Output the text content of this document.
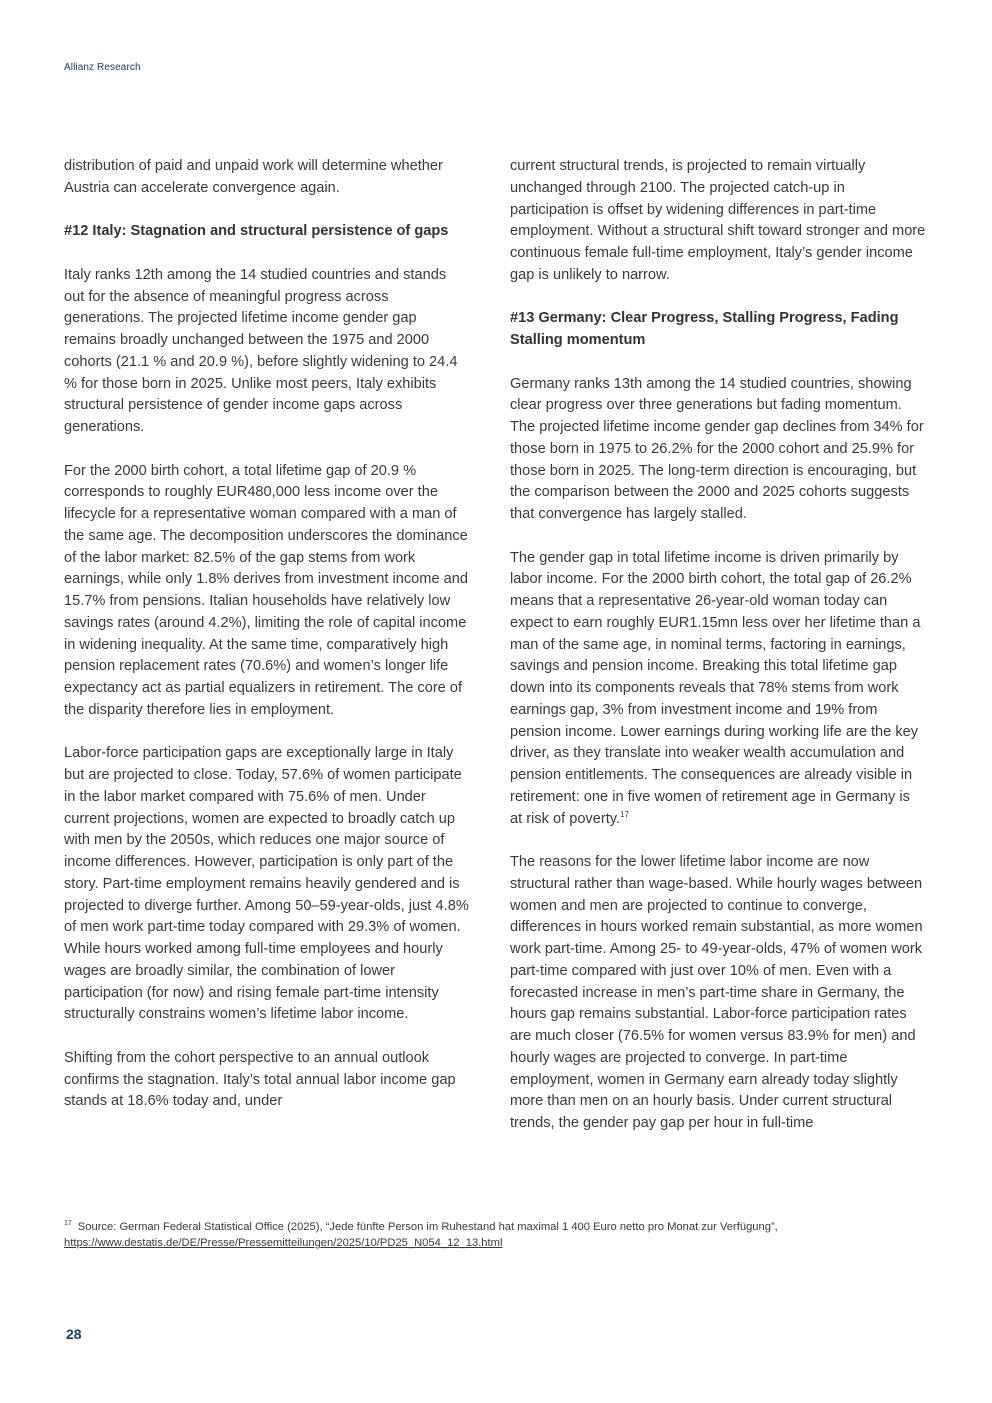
Allianz Research

distribution of paid and unpaid work will determine whether Austria can accelerate convergence again.

#12 Italy: Stagnation and structural persistence of gaps

Italy ranks 12th among the 14 studied countries and stands out for the absence of meaningful progress across generations. The projected lifetime income gender gap remains broadly unchanged between the 1975 and 2000 cohorts (21.1 % and 20.9 %), before slightly widening to 24.4 % for those born in 2025. Unlike most peers, Italy exhibits structural persistence of gender income gaps across generations.

For the 2000 birth cohort, a total lifetime gap of 20.9 % corresponds to roughly EUR480,000 less income over the lifecycle for a representative woman compared with a man of the same age. The decomposition underscores the dominance of the labor market: 82.5% of the gap stems from work earnings, while only 1.8% derives from investment income and 15.7% from pensions. Italian households have relatively low savings rates (around 4.2%), limiting the role of capital income in widening inequality. At the same time, comparatively high pension replacement rates (70.6%) and women’s longer life expectancy act as partial equalizers in retirement. The core of the disparity therefore lies in employment.

Labor-force participation gaps are exceptionally large in Italy but are projected to close. Today, 57.6% of women participate in the labor market compared with 75.6% of men. Under current projections, women are expected to broadly catch up with men by the 2050s, which reduces one major source of income differences. However, participation is only part of the story. Part-time employment remains heavily gendered and is projected to diverge further. Among 50–59-year-olds, just 4.8% of men work part-time today compared with 29.3% of women. While hours worked among full-time employees and hourly wages are broadly similar, the combination of lower participation (for now) and rising female part-time intensity structurally constrains women’s lifetime labor income.

Shifting from the cohort perspective to an annual outlook confirms the stagnation. Italy’s total annual labor income gap stands at 18.6% today and, under

current structural trends, is projected to remain virtually unchanged through 2100. The projected catch-up in participation is offset by widening differences in part-time employment. Without a structural shift toward stronger and more continuous female full-time employment, Italy’s gender income gap is unlikely to narrow.

#13 Germany: Clear Progress, Stalling Progress, Fading Stalling momentum

Germany ranks 13th among the 14 studied countries, showing clear progress over three generations but fading momentum. The projected lifetime income gender gap declines from 34% for those born in 1975 to 26.2% for the 2000 cohort and 25.9% for those born in 2025. The long-term direction is encouraging, but the comparison between the 2000 and 2025 cohorts suggests that convergence has largely stalled.

The gender gap in total lifetime income is driven primarily by labor income. For the 2000 birth cohort, the total gap of 26.2% means that a representative 26-year-old woman today can expect to earn roughly EUR1.15mn less over her lifetime than a man of the same age, in nominal terms, factoring in earnings, savings and pension income. Breaking this total lifetime gap down into its components reveals that 78% stems from work earnings gap, 3% from investment income and 19% from pension income. Lower earnings during working life are the key driver, as they translate into weaker wealth accumulation and pension entitlements. The consequences are already visible in retirement: one in five women of retirement age in Germany is at risk of poverty.$^{17}$

The reasons for the lower lifetime labor income are now structural rather than wage-based. While hourly wages between women and men are projected to continue to converge, differences in hours worked remain substantial, as more women work part-time. Among 25- to 49-year-olds, 47% of women work part-time compared with just over 10% of men. Even with a forecasted increase in men’s part-time share in Germany, the hours gap remains substantial. Labor-force participation rates are much closer (76.5% for women versus 83.9% for men) and hourly wages are projected to converge. In part-time employment, women in Germany earn already today slightly more than men on an hourly basis. Under current structural trends, the gender pay gap per hour in full-time

$^{17}$ Source: German Federal Statistical Office (2025), “Jede fünfte Person im Ruhestand hat maximal 1 400 Euro netto pro Monat zur Verfügung”,
https://www.destatis.de/DE/Presse/Pressemitteilungen/2025/10/PD25_N054_12_13.html
28
